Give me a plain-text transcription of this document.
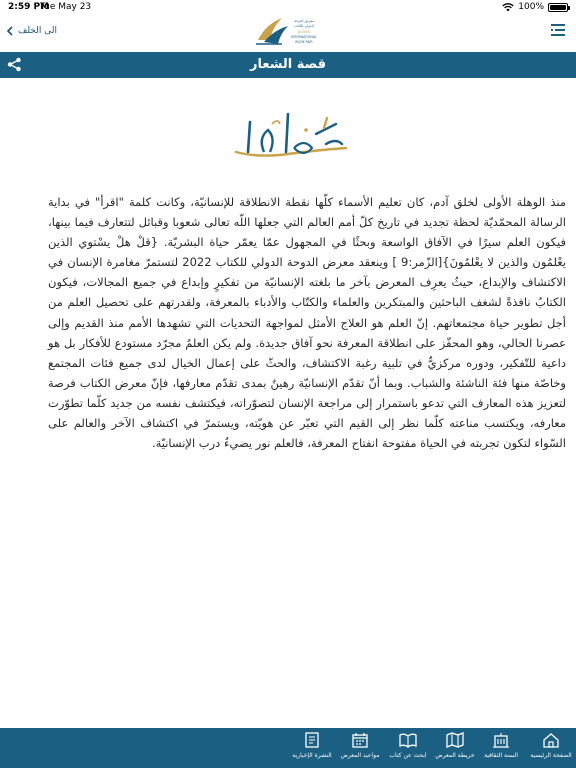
2:59 PM
Tue May 23	100%
الى الخلف
معرض الدوحة
الدولي للكتاب
DOHA
INTERNATIONAL
BOOK FAIR
قصة الشعار
العلم نور
منذ الوهلة الأولى لخلق آدم، كان تعليم الأسماء كلّها نقطة الانطلاقة للإنسانيّة، وكانت كلمة "اقرأ" في بداية الرسالة المحمّديّة لحظة تجديد في تاريخ كلّ أمم العالم التي جعلها اللّه تعالى شعوبا وقبائل لتتعارف فيما بينها، فيكون العلم سيرًا في الآفاق الواسعة وبحثًا في المجهول عمّا يعمّر حياة البشريّة. {قلْ هلْ يسْتوي الذين يعْلمُون والذين لا يعْلمُونَ}[الزّمر:9 ] وينعقد معرض الدوحة الدولي للكتاب 2022 لتستمرّ مغامرة الإنسان في الاكتشاف والإبداع، حيثُ يعرِف المعرض بآخر ما بلغته الإنسانيّة من تفكيرٍ وإبداع في جميع المجالات، فيكون الكتابُ نافذةً لشغف الباحثين والمبتكرين والعلماء والكتّاب والأدباء بالمعرفة، ولقدرتهم على تحصيل العلم من أجل تطوير حياة مجتمعاتهم. إنّ العلم هو العلاج الأمثل لمواجهة التحديات التي تشهدها الأمم منذ القديم وإلى عصرنا الحالي، وهو المحفّز على انطلاقة المعرفة نحو آفاق جديدة. ولم يكن العلمُ مجرّد مستودع للأفكار بل هو داعية للتّفكير، ودوره مركزيٌّ في تلبية رغبة الاكتشاف، والحثّ على إعمال الخيال لدى جميع فئات المجتمع وخاصّة منها فئة الناشئة والشباب. وبما أنّ تقدّم الإنسانيّة رهينٌ بمدى تقدّم معارفها، فإنّ معرض الكتاب فرصة لتعزيز هذه المعارف التي تدعو باستمرار إلى مراجعة الإنسان لتصوّراته، فيكتشف نفسه من جديد كلّما تطوّرت معارفه، ويكتسب مناعته كلّما نظر إلى القيم التي تعبّر عن هويّته، ويستمرّ في اكتشاف الآخر والعالم على السّواء لتكون تجربته في الحياة مفتوحة انفتاح المعرفة، فالعلم نور يضيءُ درب الإنسانيّة.
الصفحة الرئيسية
السنة الثقافية
خريطة المعرض
ابحث عن كتاب
مواعيد المعرض
النشرة الإخبارية
